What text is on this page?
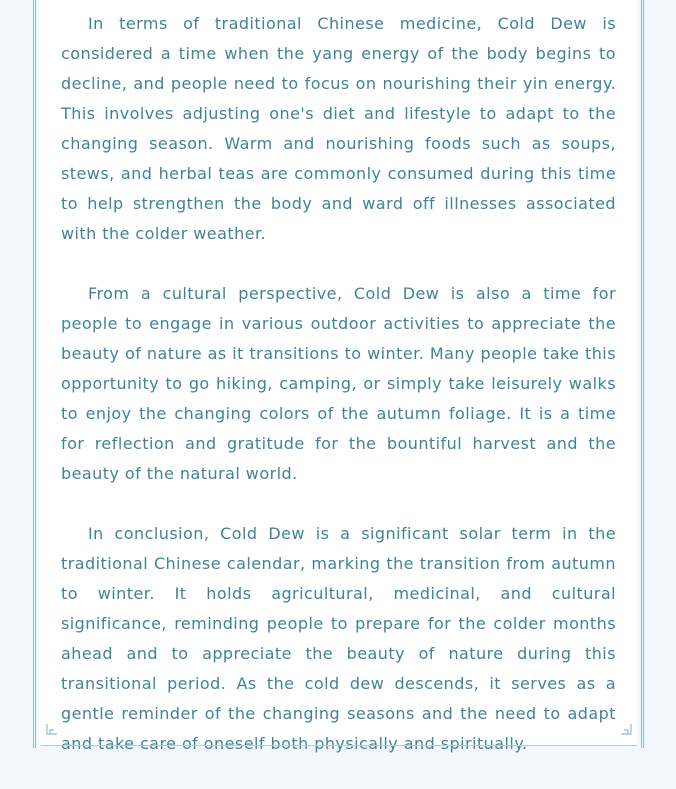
In terms of traditional Chinese medicine, Cold Dew is considered a time when the yang energy of the body begins to decline, and people need to focus on nourishing their yin energy. This involves adjusting one's diet and lifestyle to adapt to the changing season. Warm and nourishing foods such as soups, stews, and herbal teas are commonly consumed during this time to help strengthen the body and ward off illnesses associated with the colder weather.

From a cultural perspective, Cold Dew is also a time for people to engage in various outdoor activities to appreciate the beauty of nature as it transitions to winter. Many people take this opportunity to go hiking, camping, or simply take leisurely walks to enjoy the changing colors of the autumn foliage. It is a time for reflection and gratitude for the bountiful harvest and the beauty of the natural world.

In conclusion, Cold Dew is a significant solar term in the traditional Chinese calendar, marking the transition from autumn to winter. It holds agricultural, medicinal, and cultural significance, reminding people to prepare for the colder months ahead and to appreciate the beauty of nature during this transitional period. As the cold dew descends, it serves as a gentle reminder of the changing seasons and the need to adapt and take care of oneself both physically and spiritually.
